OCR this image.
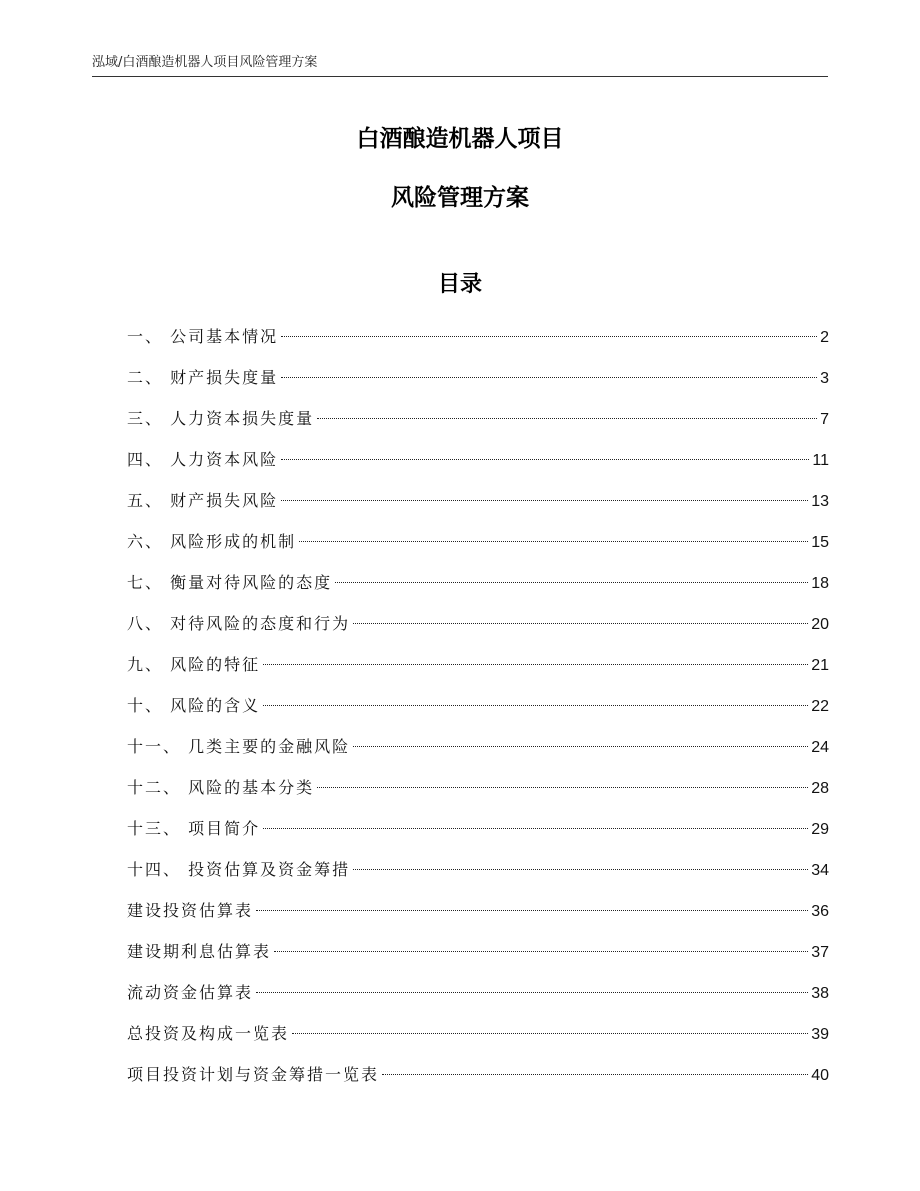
泓域/白酒酿造机器人项目风险管理方案
白酒酿造机器人项目
风险管理方案
目录
一、 公司基本情况	2
二、 财产损失度量	3
三、 人力资本损失度量	7
四、 人力资本风险	11
五、 财产损失风险	13
六、 风险形成的机制	15
七、 衡量对待风险的态度	18
八、 对待风险的态度和行为	20
九、 风险的特征	21
十、 风险的含义	22
十一、 几类主要的金融风险	24
十二、 风险的基本分类	28
十三、 项目简介	29
十四、 投资估算及资金筹措	34
建设投资估算表	36
建设期利息估算表	37
流动资金估算表	38
总投资及构成一览表	39
项目投资计划与资金筹措一览表	40
